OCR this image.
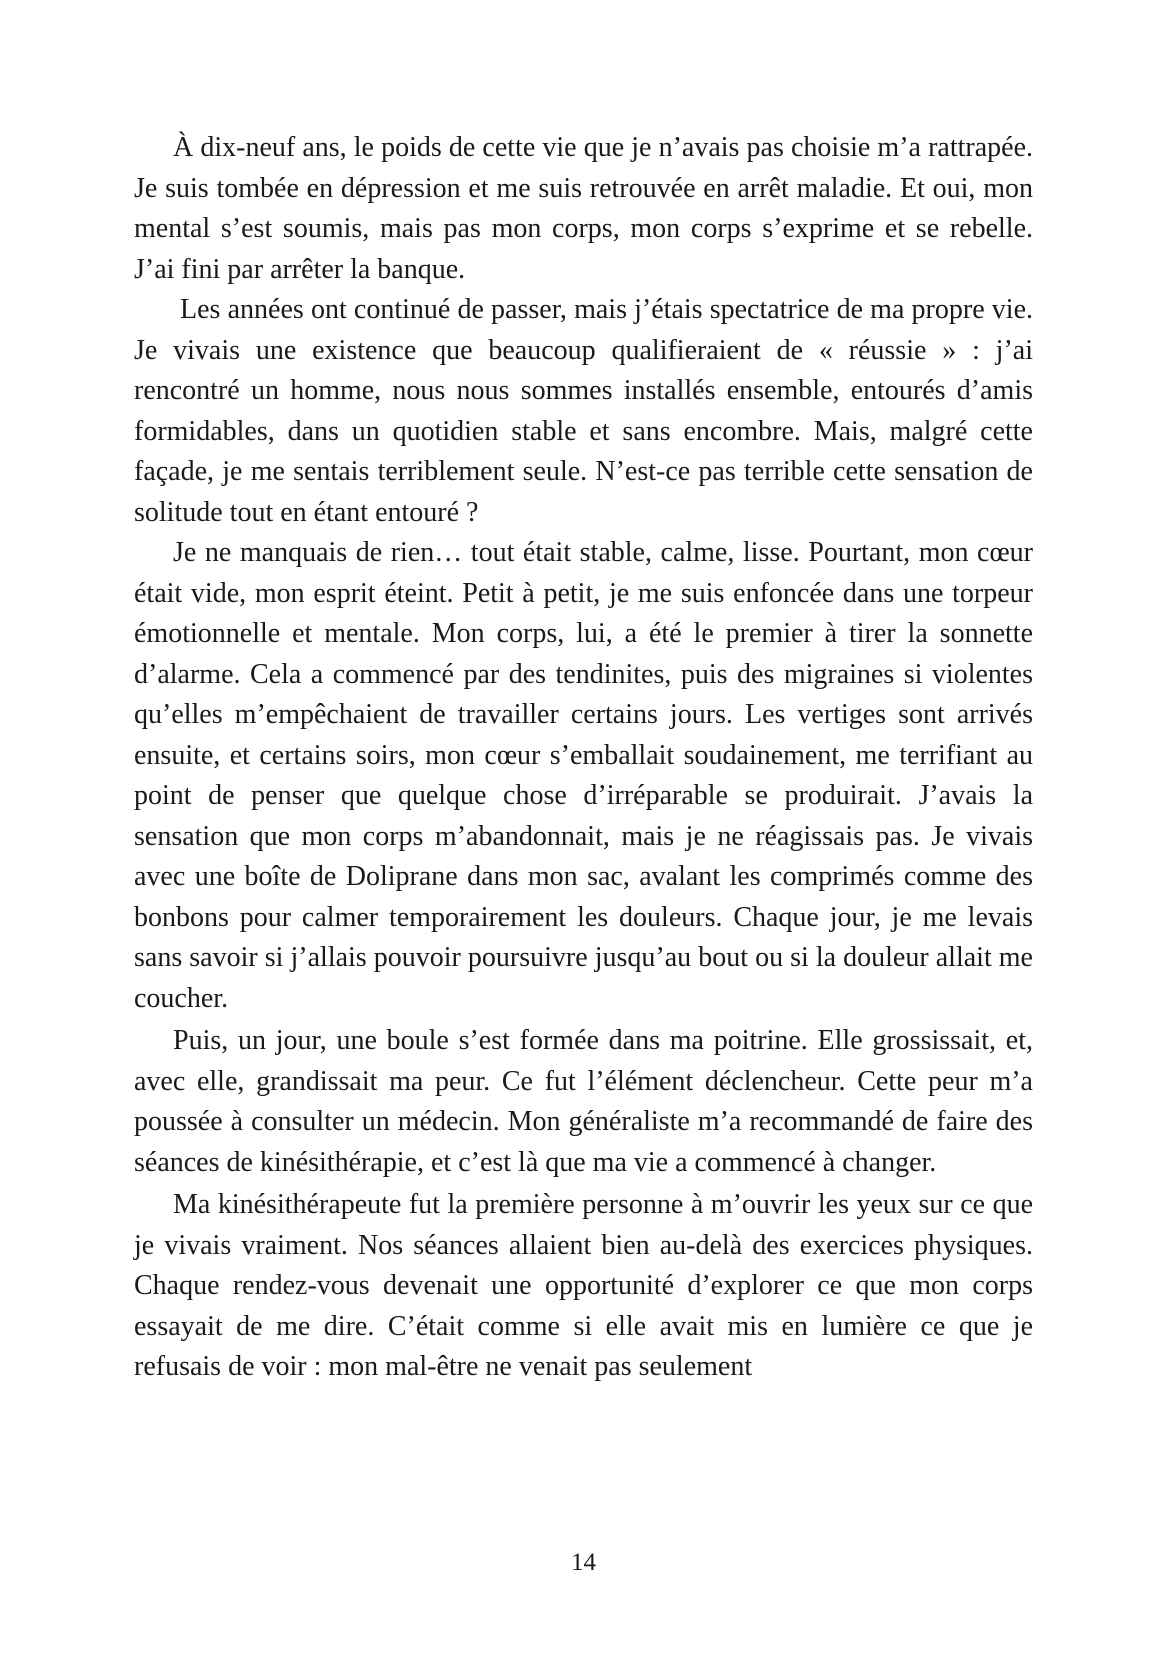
À dix-neuf ans, le poids de cette vie que je n’avais pas choisie m’a rattrapée. Je suis tombée en dépression et me suis retrouvée en arrêt maladie. Et oui, mon mental s’est soumis, mais pas mon corps, mon corps s’exprime et se rebelle. J’ai fini par arrêter la banque.

Les années ont continué de passer, mais j’étais spectatrice de ma propre vie. Je vivais une existence que beaucoup qualifieraient de « réussie » : j’ai rencontré un homme, nous nous sommes installés ensemble, entourés d’amis formidables, dans un quotidien stable et sans encombre. Mais, malgré cette façade, je me sentais terriblement seule. N’est-ce pas terrible cette sensation de solitude tout en étant entouré ?

Je ne manquais de rien… tout était stable, calme, lisse. Pourtant, mon cœur était vide, mon esprit éteint. Petit à petit, je me suis enfoncée dans une torpeur émotionnelle et mentale. Mon corps, lui, a été le premier à tirer la sonnette d’alarme. Cela a commencé par des tendinites, puis des migraines si violentes qu’elles m’empêchaient de travailler certains jours. Les vertiges sont arrivés ensuite, et certains soirs, mon cœur s’emballait soudainement, me terrifiant au point de penser que quelque chose d’irréparable se produirait. J’avais la sensation que mon corps m’abandonnait, mais je ne réagissais pas. Je vivais avec une boîte de Doliprane dans mon sac, avalant les comprimés comme des bonbons pour calmer temporairement les douleurs. Chaque jour, je me levais sans savoir si j’allais pouvoir poursuivre jusqu’au bout ou si la douleur allait me coucher.

Puis, un jour, une boule s’est formée dans ma poitrine. Elle grossissait, et, avec elle, grandissait ma peur. Ce fut l’élément déclencheur. Cette peur m’a poussée à consulter un médecin. Mon généraliste m’a recommandé de faire des séances de kinésithérapie, et c’est là que ma vie a commencé à changer.

Ma kinésithérapeute fut la première personne à m’ouvrir les yeux sur ce que je vivais vraiment. Nos séances allaient bien au-delà des exercices physiques. Chaque rendez-vous devenait une opportunité d’explorer ce que mon corps essayait de me dire. C’était comme si elle avait mis en lumière ce que je refusais de voir : mon mal-être ne venait pas seulement

14
